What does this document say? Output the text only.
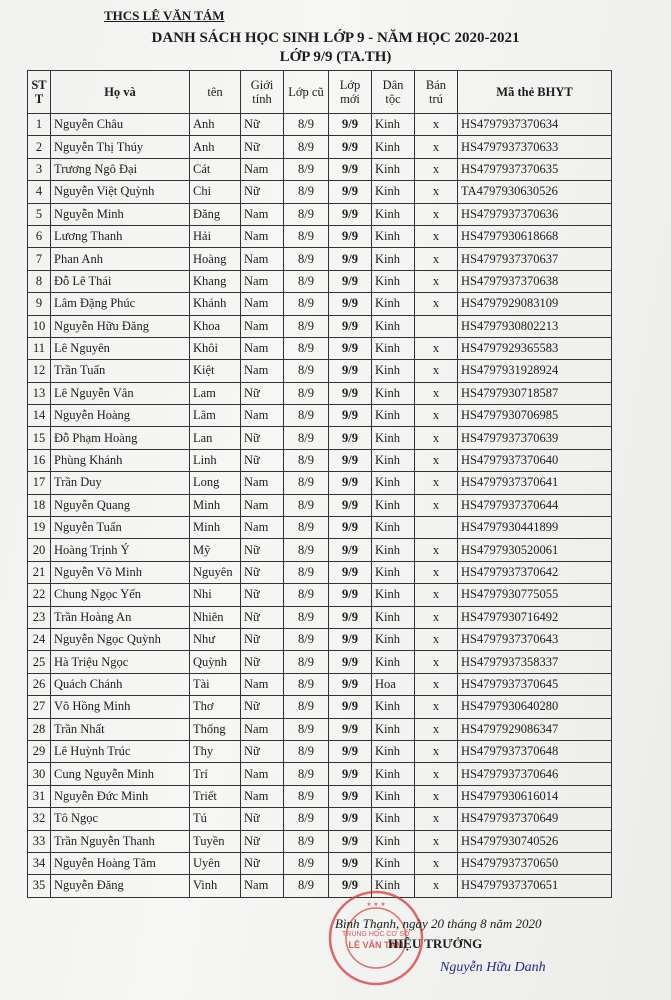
THCS LÊ VĂN TÁM
DANH SÁCH HỌC SINH LỚP 9 - NĂM HỌC 2020-2021
LỚP 9/9 (TA.TH)
ST T	Họ và	tên	Giới tính	Lớp cũ	Lớp mới	Dân tộc	Bán trú	Mã thẻ BHYT
1	Nguyễn Châu	Anh	Nữ	8/9	9/9	Kinh	x	HS4797937370634
2	Nguyễn Thị Thúy	Anh	Nữ	8/9	9/9	Kinh	x	HS4797937370633
3	Trương Ngô Đại	Cát	Nam	8/9	9/9	Kinh	x	HS4797937370635
4	Nguyễn Việt Quỳnh	Chi	Nữ	8/9	9/9	Kinh	x	TA4797930630526
5	Nguyễn Minh	Đăng	Nam	8/9	9/9	Kinh	x	HS4797937370636
6	Lương Thanh	Hải	Nam	8/9	9/9	Kinh	x	HS4797930618668
7	Phan Anh	Hoàng	Nam	8/9	9/9	Kinh	x	HS4797937370637
8	Đỗ Lê Thái	Khang	Nam	8/9	9/9	Kinh	x	HS4797937370638
9	Lâm Đặng Phúc	Khánh	Nam	8/9	9/9	Kinh	x	HS4797929083109
10	Nguyễn Hữu Đăng	Khoa	Nam	8/9	9/9	Kinh		HS4797930802213
11	Lê Nguyên	Khôi	Nam	8/9	9/9	Kinh	x	HS4797929365583
12	Trần Tuấn	Kiệt	Nam	8/9	9/9	Kinh	x	HS4797931928924
13	Lê Nguyễn Vân	Lam	Nữ	8/9	9/9	Kinh	x	HS4797930718587
14	Nguyễn Hoàng	Lâm	Nam	8/9	9/9	Kinh	x	HS4797930706985
15	Đỗ Phạm Hoàng	Lan	Nữ	8/9	9/9	Kinh	x	HS4797937370639
16	Phùng Khánh	Linh	Nữ	8/9	9/9	Kinh	x	HS4797937370640
17	Trần Duy	Long	Nam	8/9	9/9	Kinh	x	HS4797937370641
18	Nguyễn Quang	Minh	Nam	8/9	9/9	Kinh	x	HS4797937370644
19	Nguyễn Tuấn	Minh	Nam	8/9	9/9	Kinh		HS4797930441899
20	Hoàng Trịnh Ý	Mỹ	Nữ	8/9	9/9	Kinh	x	HS4797930520061
21	Nguyễn Võ Minh	Nguyên	Nữ	8/9	9/9	Kinh	x	HS4797937370642
22	Chung Ngọc Yến	Nhi	Nữ	8/9	9/9	Kinh	x	HS4797930775055
23	Trần Hoàng An	Nhiên	Nữ	8/9	9/9	Kinh	x	HS4797930716492
24	Nguyễn Ngọc Quỳnh	Như	Nữ	8/9	9/9	Kinh	x	HS4797937370643
25	Hà Triệu Ngọc	Quỳnh	Nữ	8/9	9/9	Kinh	x	HS4797937358337
26	Quách Chánh	Tài	Nam	8/9	9/9	Hoa	x	HS4797937370645
27	Võ Hồng Minh	Thơ	Nữ	8/9	9/9	Kinh	x	HS4797930640280
28	Trần Nhất	Thống	Nam	8/9	9/9	Kinh	x	HS4797929086347
29	Lê Huỳnh Trúc	Thy	Nữ	8/9	9/9	Kinh	x	HS4797937370648
30	Cung Nguyễn Minh	Trí	Nam	8/9	9/9	Kinh	x	HS4797937370646
31	Nguyễn Đức Minh	Triết	Nam	8/9	9/9	Kinh	x	HS4797930616014
32	Tô Ngọc	Tú	Nữ	8/9	9/9	Kinh	x	HS4797937370649
33	Trần Nguyễn Thanh	Tuyền	Nữ	8/9	9/9	Kinh	x	HS4797930740526
34	Nguyễn Hoàng Tâm	Uyên	Nữ	8/9	9/9	Kinh	x	HS4797937370650
35	Nguyễn Đăng	Vinh	Nam	8/9	9/9	Kinh	x	HS4797937370651
TRUNG HỌC CƠ SỞ
LÊ VĂN TÁM
★ ★ ★
Bình Thạnh, ngày 20 tháng 8 năm 2020
HIỆU TRƯỞNG
Nguyễn Hữu Danh
